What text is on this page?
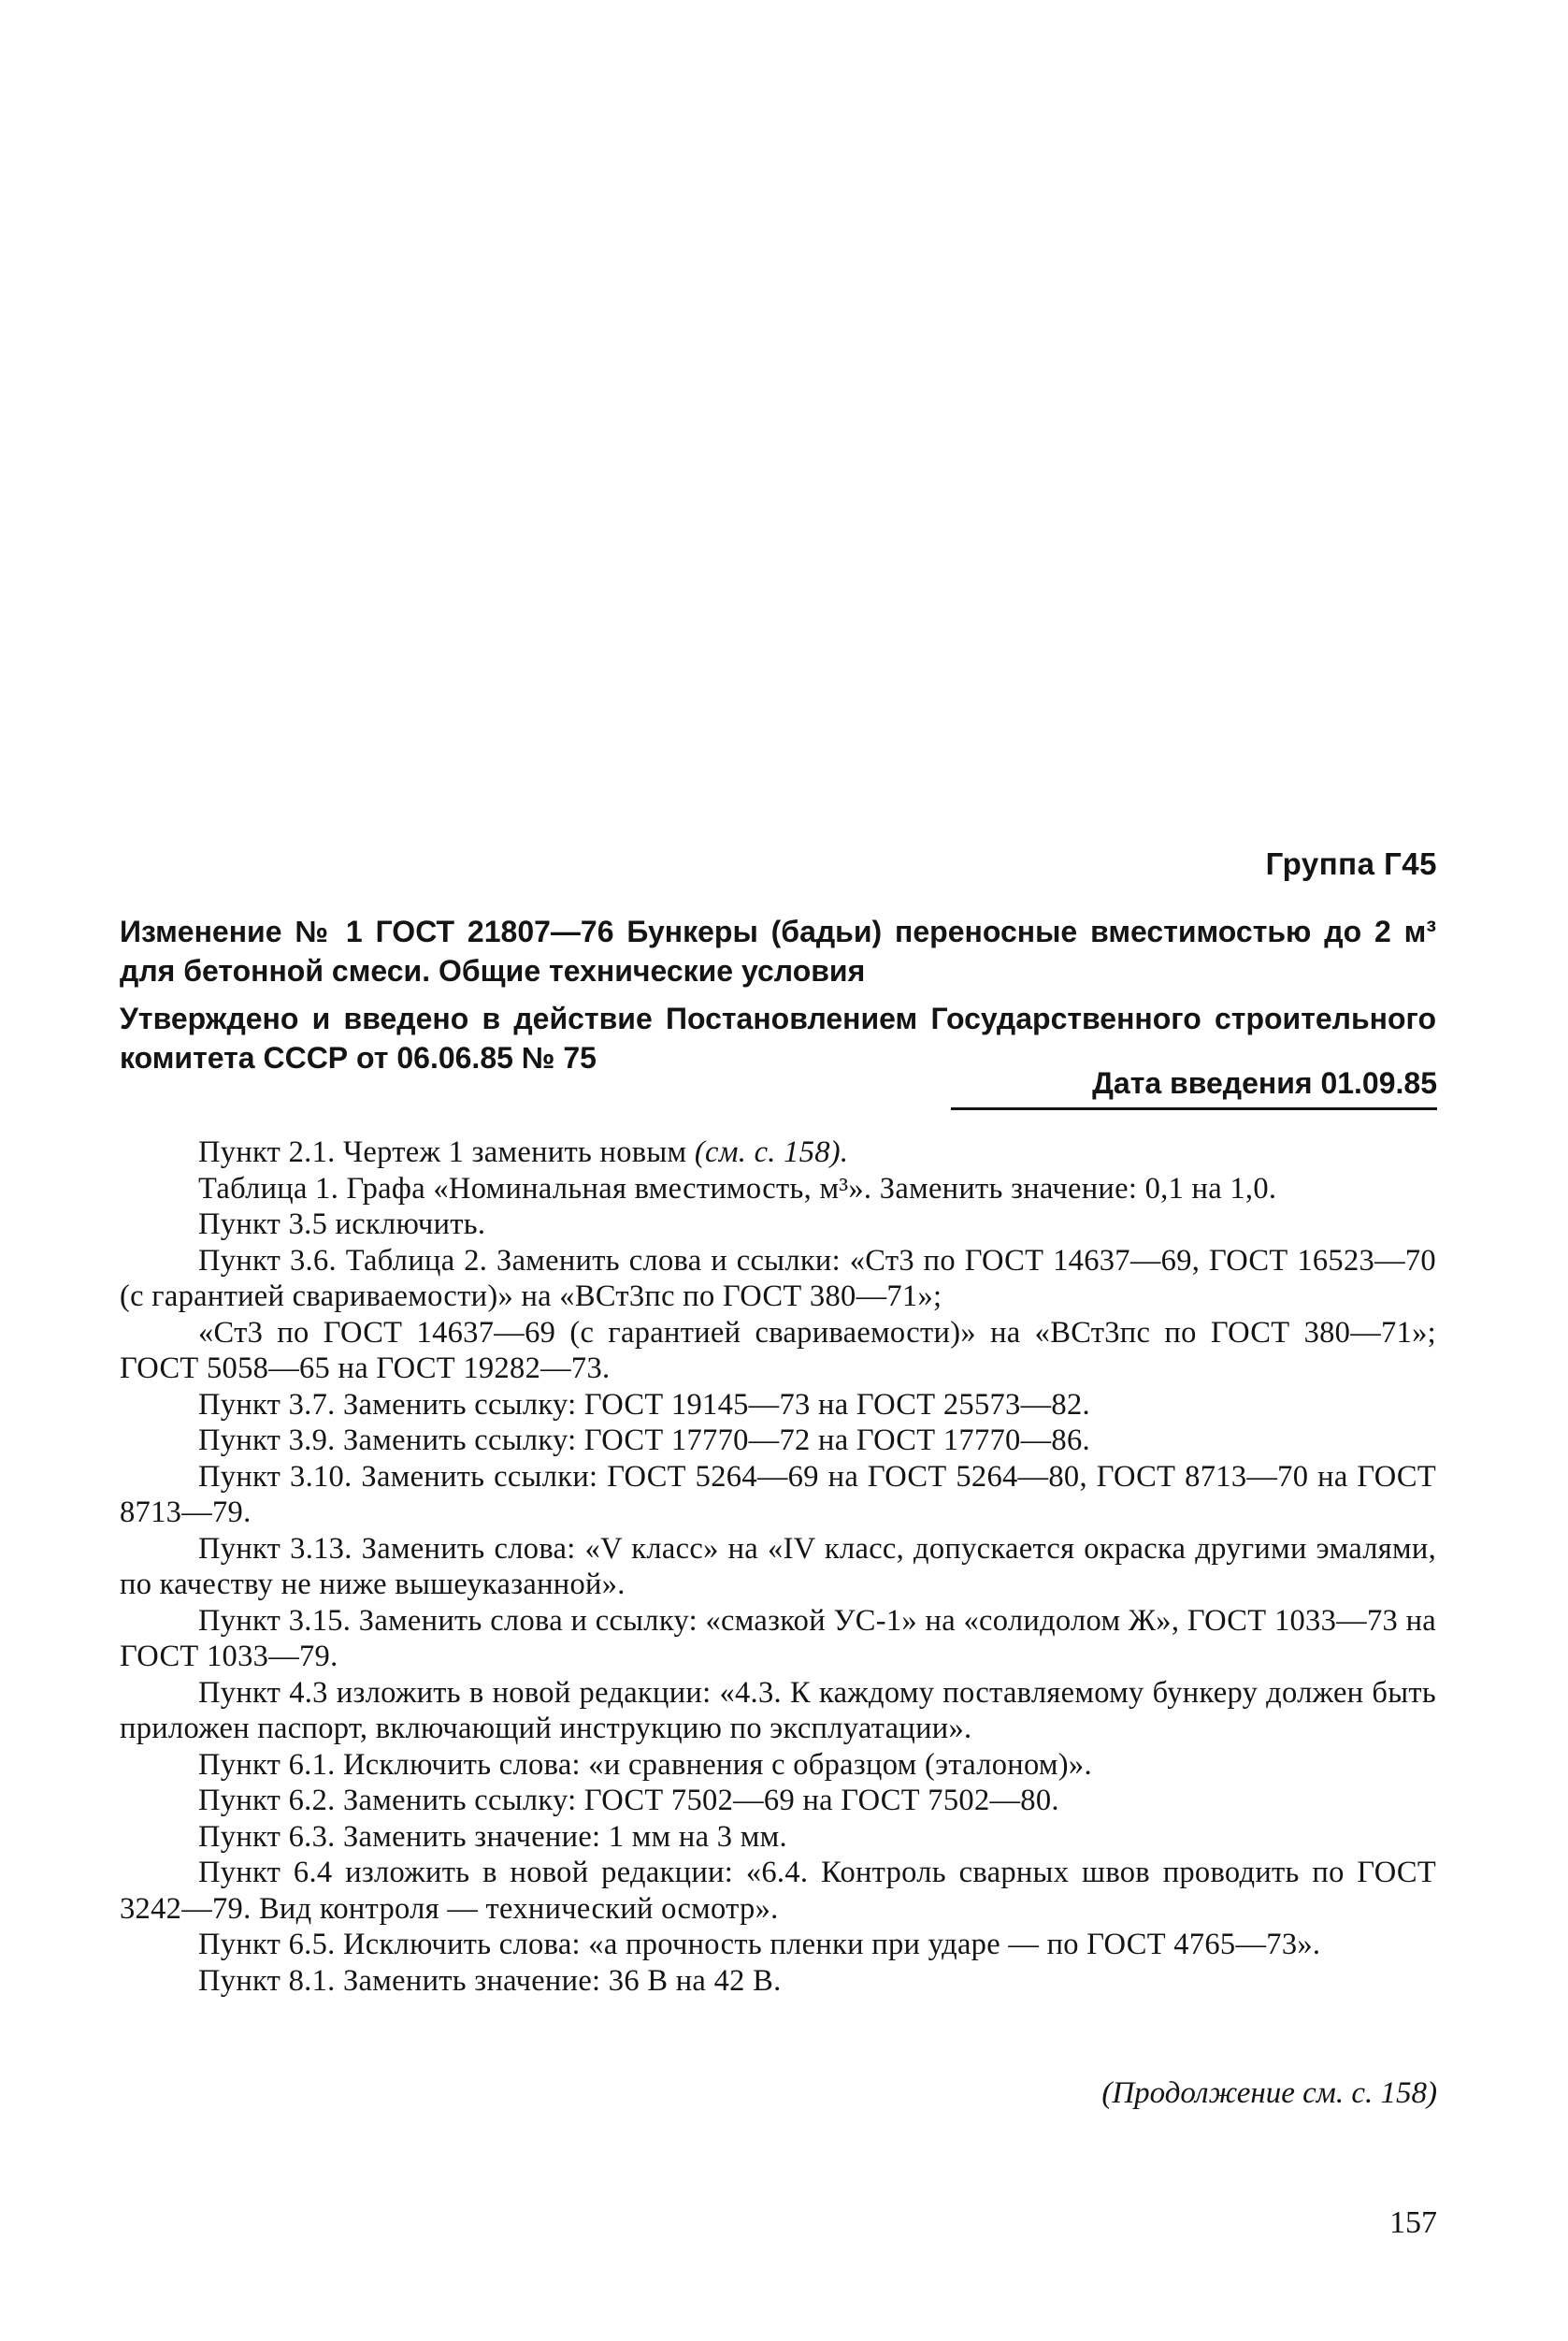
Группа Г45
Изменение № 1 ГОСТ 21807—76 Бункеры (бадьи) переносные вместимостью до 2 м³ для бетонной смеси. Общие технические условия
Утверждено и введено в действие Постановлением Государственного строительного комитета СССР от 06.06.85 № 75
Дата введения 01.09.85

Пункт 2.1. Чертеж 1 заменить новым (см. с. 158).

Таблица 1. Графа «Номинальная вместимость, м³». Заменить значение: 0,1 на 1,0.

Пункт 3.5 исключить.

Пункт 3.6. Таблица 2. Заменить слова и ссылки: «Ст3 по ГОСТ 14637—69, ГОСТ 16523—70 (с гарантией свариваемости)» на «ВСт3пс по ГОСТ 380—71»;

«Ст3 по ГОСТ 14637—69 (с гарантией свариваемости)» на «ВСт3пс по ГОСТ 380—71»; ГОСТ 5058—65 на ГОСТ 19282—73.

Пункт 3.7. Заменить ссылку: ГОСТ 19145—73 на ГОСТ 25573—82.

Пункт 3.9. Заменить ссылку: ГОСТ 17770—72 на ГОСТ 17770—86.

Пункт 3.10. Заменить ссылки: ГОСТ 5264—69 на ГОСТ 5264—80, ГОСТ 8713—70 на ГОСТ 8713—79.

Пункт 3.13. Заменить слова: «V класс» на «IV класс, допускается окраска другими эмалями, по качеству не ниже вышеуказанной».

Пункт 3.15. Заменить слова и ссылку: «смазкой УС-1» на «солидолом Ж», ГОСТ 1033—73 на ГОСТ 1033—79.

Пункт 4.3 изложить в новой редакции: «4.3. К каждому поставляемому бункеру должен быть приложен паспорт, включающий инструкцию по эксплуатации».

Пункт 6.1. Исключить слова: «и сравнения с образцом (эталоном)».

Пункт 6.2. Заменить ссылку: ГОСТ 7502—69 на ГОСТ 7502—80.

Пункт 6.3. Заменить значение: 1 мм на 3 мм.

Пункт 6.4 изложить в новой редакции: «6.4. Контроль сварных швов проводить по ГОСТ 3242—79. Вид контроля — технический осмотр».

Пункт 6.5. Исключить слова: «а прочность пленки при ударе — по ГОСТ 4765—73».

Пункт 8.1. Заменить значение: 36 В на 42 В.

(Продолжение см. с. 158)
157
